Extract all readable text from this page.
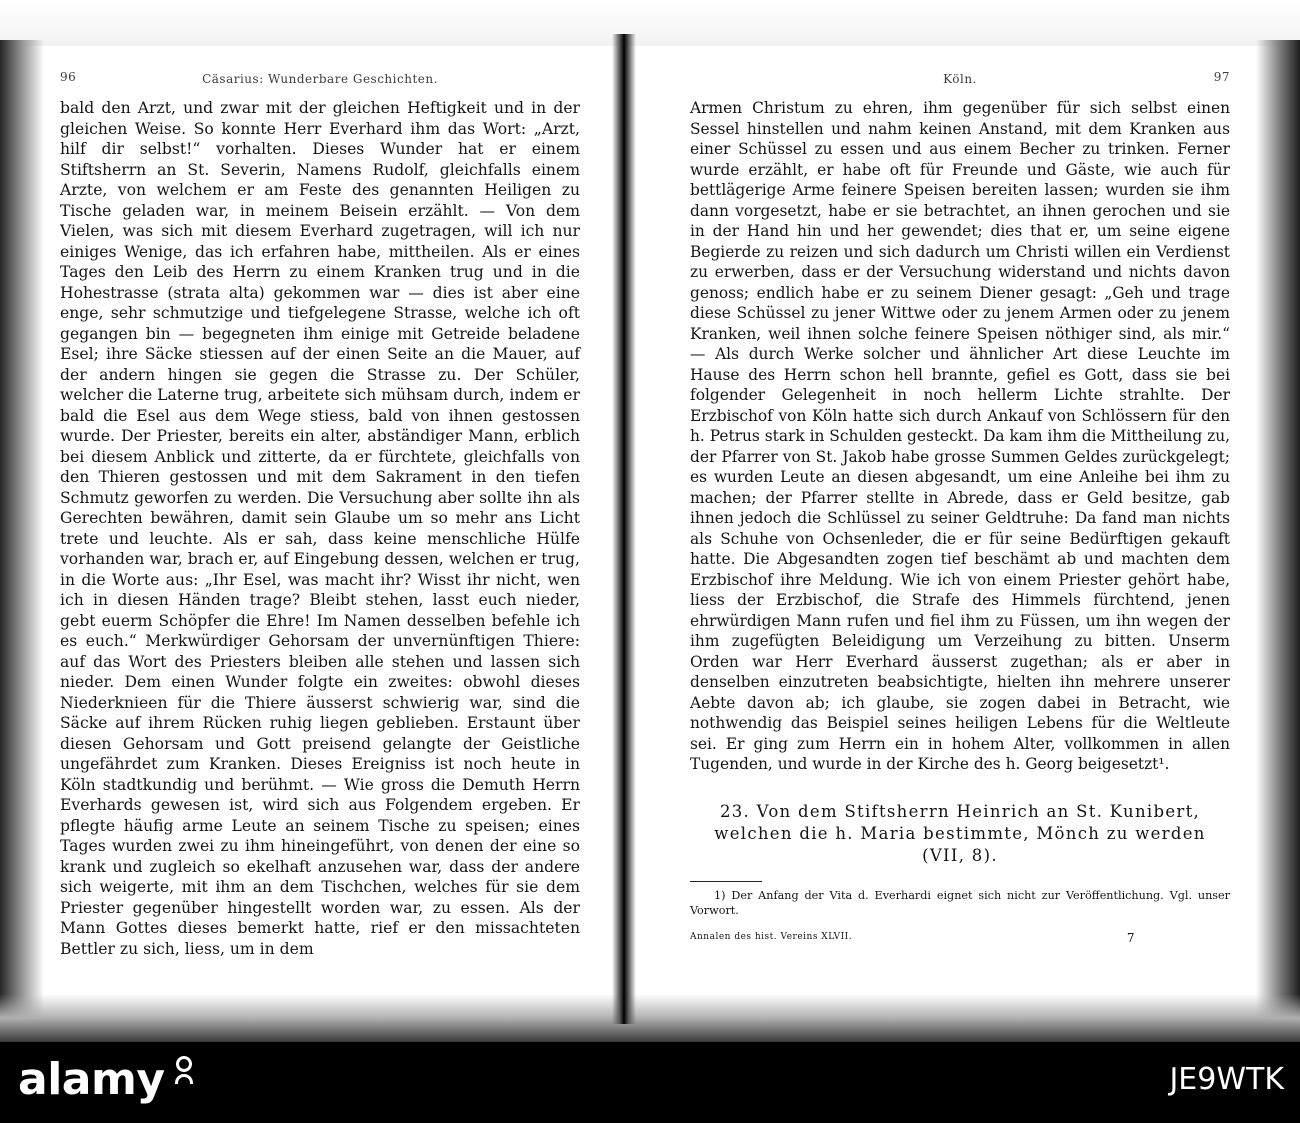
96	Cäsarius: Wunderbare Geschichten.

bald den Arzt, und zwar mit der gleichen Heftigkeit und in der gleichen Weise. So konnte Herr Everhard ihm das Wort: „Arzt, hilf dir selbst!“ vorhalten. Dieses Wunder hat er einem Stiftsherrn an St. Severin, Namens Rudolf, gleichfalls einem Arzte, von welchem er am Feste des genannten Heiligen zu Tische geladen war, in meinem Beisein erzählt. — Von dem Vielen, was sich mit diesem Everhard zugetragen, will ich nur einiges Wenige, das ich erfahren habe, mittheilen. Als er eines Tages den Leib des Herrn zu einem Kranken trug und in die Hohestrasse (strata alta) gekommen war — dies ist aber eine enge, sehr schmutzige und tiefgelegene Strasse, welche ich oft gegangen bin — begegneten ihm einige mit Getreide beladene Esel; ihre Säcke stiessen auf der einen Seite an die Mauer, auf der andern hingen sie gegen die Strasse zu. Der Schüler, welcher die Laterne trug, arbeitete sich mühsam durch, indem er bald die Esel aus dem Wege stiess, bald von ihnen gestossen wurde. Der Priester, bereits ein alter, abständiger Mann, erblich bei diesem Anblick und zitterte, da er fürchtete, gleichfalls von den Thieren gestossen und mit dem Sakrament in den tiefen Schmutz geworfen zu werden. Die Versuchung aber sollte ihn als Gerechten bewähren, damit sein Glaube um so mehr ans Licht trete und leuchte. Als er sah, dass keine menschliche Hülfe vorhanden war, brach er, auf Eingebung dessen, welchen er trug, in die Worte aus: „Ihr Esel, was macht ihr? Wisst ihr nicht, wen ich in diesen Händen trage? Bleibt stehen, lasst euch nieder, gebt euerm Schöpfer die Ehre! Im Namen desselben befehle ich es euch.“ Merkwürdiger Gehorsam der unvernünftigen Thiere: auf das Wort des Priesters bleiben alle stehen und lassen sich nieder. Dem einen Wunder folgte ein zweites: obwohl dieses Niederknieen für die Thiere äusserst schwierig war, sind die Säcke auf ihrem Rücken ruhig liegen geblieben. Erstaunt über diesen Gehorsam und Gott preisend gelangte der Geistliche ungefährdet zum Kranken. Dieses Ereigniss ist noch heute in Köln stadtkundig und berühmt. — Wie gross die Demuth Herrn Everhards gewesen ist, wird sich aus Folgendem ergeben. Er pflegte häufig arme Leute an seinem Tische zu speisen; eines Tages wurden zwei zu ihm hineingeführt, von denen der eine so krank und zugleich so ekelhaft anzusehen war, dass der andere sich weigerte, mit ihm an dem Tischchen, welches für sie dem Priester gegenüber hingestellt worden war, zu essen. Als der Mann Gottes dieses bemerkt hatte, rief er den missachteten Bettler zu sich, liess, um in dem

Köln.	97

Armen Christum zu ehren, ihm gegenüber für sich selbst einen Sessel hinstellen und nahm keinen Anstand, mit dem Kranken aus einer Schüssel zu essen und aus einem Becher zu trinken. Ferner wurde erzählt, er habe oft für Freunde und Gäste, wie auch für bettlägerige Arme feinere Speisen bereiten lassen; wurden sie ihm dann vorgesetzt, habe er sie betrachtet, an ihnen gerochen und sie in der Hand hin und her gewendet; dies that er, um seine eigene Begierde zu reizen und sich dadurch um Christi willen ein Verdienst zu erwerben, dass er der Versuchung widerstand und nichts davon genoss; endlich habe er zu seinem Diener gesagt: „Geh und trage diese Schüssel zu jener Wittwe oder zu jenem Armen oder zu jenem Kranken, weil ihnen solche feinere Speisen nöthiger sind, als mir.“ — Als durch Werke solcher und ähnlicher Art diese Leuchte im Hause des Herrn schon hell brannte, gefiel es Gott, dass sie bei folgender Gelegenheit in noch hellerm Lichte strahlte. Der Erzbischof von Köln hatte sich durch Ankauf von Schlössern für den h. Petrus stark in Schulden gesteckt. Da kam ihm die Mittheilung zu, der Pfarrer von St. Jakob habe grosse Summen Geldes zurückgelegt; es wurden Leute an diesen abgesandt, um eine Anleihe bei ihm zu machen; der Pfarrer stellte in Abrede, dass er Geld besitze, gab ihnen jedoch die Schlüssel zu seiner Geldtruhe: Da fand man nichts als Schuhe von Ochsenleder, die er für seine Bedürftigen gekauft hatte. Die Abgesandten zogen tief beschämt ab und machten dem Erzbischof ihre Meldung. Wie ich von einem Priester gehört habe, liess der Erzbischof, die Strafe des Himmels fürchtend, jenen ehrwürdigen Mann rufen und fiel ihm zu Füssen, um ihn wegen der ihm zugefügten Beleidigung um Verzeihung zu bitten. Unserm Orden war Herr Everhard äusserst zugethan; als er aber in denselben einzutreten beabsichtigte, hielten ihn mehrere unserer Aebte davon ab; ich glaube, sie zogen dabei in Betracht, wie nothwendig das Beispiel seines heiligen Lebens für die Weltleute sei. Er ging zum Herrn ein in hohem Alter, vollkommen in allen Tugenden, und wurde in der Kirche des h. Georg beigesetzt¹.

23. Von dem Stiftsherrn Heinrich an St. Kunibert,
welchen die h. Maria bestimmte, Mönch zu werden (VII, 8).
1) Der Anfang der Vita d. Everhardi eignet sich nicht zur Veröffentlichung. Vgl. unser Vorwort.
Annalen des hist. Vereins XLVII.	7
alamy	JE9WTK
